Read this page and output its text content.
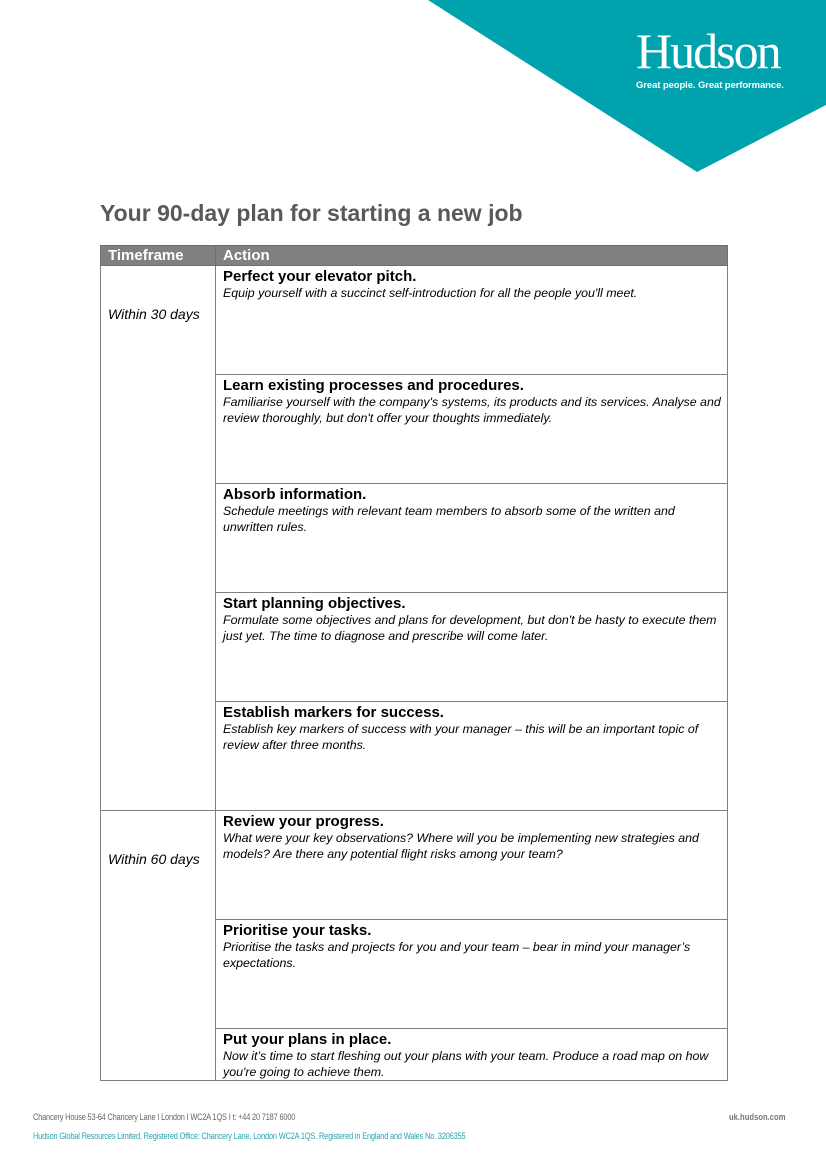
Hudson
Great people. Great performance.
Your 90-day plan for starting a new job
Timeframe	Action

Within 30 days	Perfect your elevator pitch.
Equip yourself with a succinct self-introduction for all the people you'll meet.

	Learn existing processes and procedures.
Familiarise yourself with the company's systems, its products and its services. Analyse and review thoroughly, but don't offer your thoughts immediately.

	Absorb information.
Schedule meetings with relevant team members to absorb some of the written and unwritten rules.

	Start planning objectives.
Formulate some objectives and plans for development, but don't be hasty to execute them just yet. The time to diagnose and prescribe will come later.

	Establish markers for success.
Establish key markers of success with your manager – this will be an important topic of review after three months.

Within 60 days	Review your progress.
What were your key observations? Where will you be implementing new strategies and models? Are there any potential flight risks among your team?

	Prioritise your tasks.
Prioritise the tasks and projects for you and your team – bear in mind your manager’s expectations.

	Put your plans in place.
Now it’s time to start fleshing out your plans with your team. Produce a road map on how you're going to achieve them.
Chancery House 53-64 Chancery Lane I London I WC2A 1QS I t: +44 20 7187 6000
Hudson Global Resources Limited, Registered Office: Chancery Lane, London WC2A 1QS. Registered in England and Wales No. 3206355
uk.hudson.com
